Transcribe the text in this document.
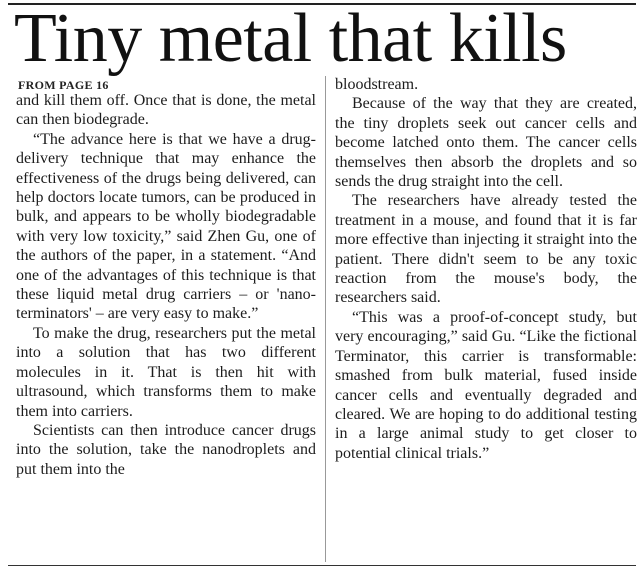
Tiny metal that kills
FROM PAGE 16

and kill them off. Once that is done, the metal can then biodegrade.

“The advance here is that we have a drug-delivery technique that may enhance the effectiveness of the drugs being delivered, can help doctors locate tumors, can be produced in bulk, and appears to be wholly biodegradable with very low toxicity,” said Zhen Gu, one of the authors of the paper, in a statement. “And one of the advantages of this technique is that these liquid metal drug carriers – or 'nano-terminators' – are very easy to make.”

To make the drug, researchers put the metal into a solution that has two different molecules in it. That is then hit with ultrasound, which transforms them to make them into carriers.

Scientists can then introduce cancer drugs into the solution, take the nanodroplets and put them into the

bloodstream.

Because of the way that they are created, the tiny droplets seek out cancer cells and become latched onto them. The cancer cells themselves then absorb the droplets and so sends the drug straight into the cell.

The researchers have already tested the treatment in a mouse, and found that it is far more effective than injecting it straight into the patient. There didn't seem to be any toxic reaction from the mouse's body, the researchers said.

“This was a proof-of-concept study, but very encouraging,” said Gu. “Like the fictional Terminator, this carrier is transformable: smashed from bulk material, fused inside cancer cells and eventually degraded and cleared. We are hoping to do additional testing in a large animal study to get closer to potential clinical trials.”
